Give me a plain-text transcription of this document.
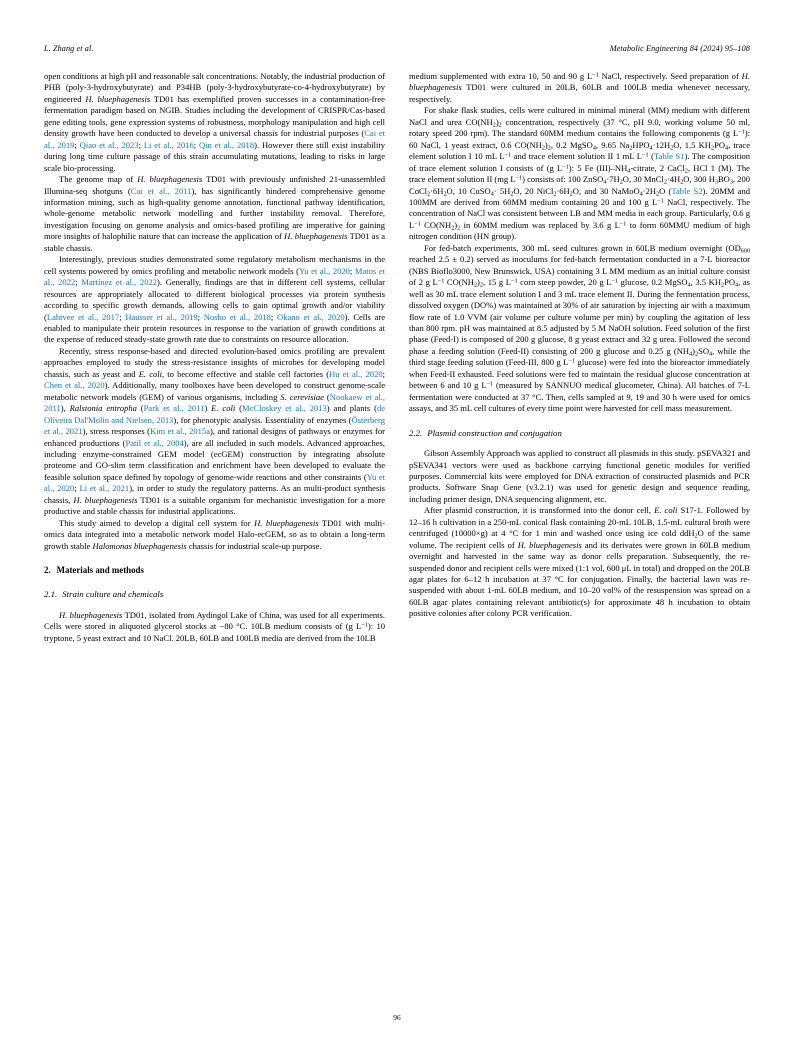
L. Zhang et al.	Metabolic Engineering 84 (2024) 95–108

open conditions at high pH and reasonable salt concentrations. Notably, the industrial production of PHB (poly-3-hydroxybutyrate) and P34HB (poly-3-hydroxybutyrate-co-4-hydroxybutyrate) by engineered H. bluephagenesis TD01 has exemplified proven successes in a contamination-free fermentation paradigm based on NGIB. Studies including the development of CRISPR/Cas-based gene editing tools, gene expression systems of robustness, morphology manipulation and high cell density growth have been conducted to develop a universal chassis for industrial purposes (Cai et al., 2019; Qiao et al., 2023; Li et al., 2016; Qin et al., 2018). However there still exist instability during long time culture passage of this strain accumulating mutations, leading to risks in large scale bio-processing.

The genome map of H. bluephagenesis TD01 with previously unfinished 21-unassembled Illumina-seq shotguns (Cai et al., 2011), has significantly hindered comprehensive genome information mining, such as high-quality genome annotation, functional pathway identification, whole-genome metabolic network modelling and further instability removal. Therefore, investigation focusing on genome analysis and omics-based profiling are imperative for gaining more insights of halophilic nature that can increase the application of H. bluephagenesis TD01 as a stable chassis.

Interestingly, previous studies demonstrated some regulatory metabolism mechanisms in the cell systems powered by omics profiling and metabolic network models (Yu et al., 2020; Matos et al., 2022; Martínez et al., 2022). Generally, findings are that in different cell systems, cellular resources are appropriately allocated to different biological processes via protein synthesis according to specific growth demands, allowing cells to gain optimal growth and/or viability (Lahtvee et al., 2017; Hausser et al., 2019; Nosho et al., 2018; Okano et al., 2020). Cells are enabled to manipulate their protein resources in response to the variation of growth conditions at the expense of reduced steady-state growth rate due to constraints on resource allocation.

Recently, stress response-based and directed evolution-based omics profiling are prevalent approaches employed to study the stress-resistance insights of microbes for developing model chassis, such as yeast and E. coli, to become effective and stable cell factories (Hu et al., 2020; Chen et al., 2020). Additionally, many toolboxes have been developed to construct genome-scale metabolic network models (GEM) of various organisms, including S. cerevisiae (Nookaew et al., 2011), Ralstonia entropha (Park et al., 2011) E. coli (McCloskey et al., 2013) and plants (de Oliveira Dal'Molin and Nielsen, 2013), for phenotypic analysis. Essentiality of enzymes (Österberg et al., 2021), stress responses (Kim et al., 2015a), and rational designs of pathways or enzymes for enhanced productions (Patil et al., 2004), are all included in such models. Advanced approaches, including enzyme-constrained GEM model (ecGEM) construction by integrating absolute proteome and GO-slim term classification and enrichment have been developed to evaluate the feasible solution space defined by topology of genome-wide reactions and other constraints (Yu et al., 2020; Li et al., 2021), in order to study the regulatory patterns. As an multi-product synthesis chassis, H. bluephagenesis TD01 is a suitable organism for mechanistic investigation for a more productive and stable chassis for industrial applications.

This study aimed to develop a digital cell system for H. bluephagenesis TD01 with multi-omics data integrated into a metabolic network model Halo-ecGEM, so as to obtain a long-term growth stable Halomonas bluephagenesis chassis for industrial scale-up purpose.

2. Materials and methods

2.1. Strain culture and chemicals

H. bluephagenesis TD01, isolated from Aydingol Lake of China, was used for all experiments. Cells were stored in aliquoted glycerol stocks at −80 °C. 10LB medium consists of (g $L^{-1}$): 10 tryptone, 5 yeast extract and 10 NaCl. 20LB, 60LB and 100LB media are derived from the 10LB

medium supplemented with extra 10, 50 and 90 g $L^{-1}$ NaCl, respectively. Seed preparation of H. bluephagenesis TD01 were cultured in 20LB, 60LB and 100LB media whenever necessary, respectively.

For shake flask studies, cells were cultured in minimal mineral (MM) medium with different NaCl and urea $CO(NH_2)_2$ concentration, respectively (37 °C, pH 9.0, working volume 50 ml, rotary speed 200 rpm). The standard 60MM medium contains the following components (g $L^{-1}$): 60 NaCl, 1 yeast extract, 0.6 $CO(NH_2)_2$, 0.2 MgSO$_4$, 9.65 $Na_2HPO_4\cdot 12H_2O$, 1.5 $KH_2PO_4$, trace element solution I 10 mL $L^{-1}$ and trace element solution II 1 mL $L^{-1}$ (Table S1). The composition of trace element solution I consists of (g $L^{-1}$): 5 Fe $(III)-NH_4$-citrate, 2 CaCl$_2$, HCl 1 (M). The trace element solution II (mg $L^{-1}$) consists of: 100 $ZnSO_4\cdot 7H_2O$, 30 $MnCl_2\cdot 4H_2O$, 300 $H_3BO_3$, 200 $CoCl_2\cdot 6H_2O$, 10 CuSO$_4$· $5H_2O$, 20 $NiCl_2\cdot 6H_2O$, and 30 $NaMoO_4\cdot 2H_2O$ (Table S2). 20MM and 100MM are derived from 60MM medium containing 20 and 100 g $L^{-1}$ NaCl, respectively. The concentration of NaCl was consistent between LB and MM media in each group. Particularly, 0.6 g $L^{-1}$ $CO(NH_2)_2$ in 60MM medium was replaced by 3.6 g $L^{-1}$ to form 60MMU medium of high nitrogen condition (HN group).

For fed-batch experiments, 300 mL seed cultures grown in 60LB medium overnight ($OD_{600}$ reached 2.5 ± 0.2) served as inoculums for fed-batch fermentation conducted in a 7-L bioreactor (NBS Bioflo3000, New Brunswick, USA) containing 3 L MM medium as an initial culture consist of 2 g $L^{-1}$ $CO(NH_2)_2$, 15 g $L^{-1}$ corn steep powder, 20 g $L^{-1}$ glucose, 0.2 MgSO$_4$, 3.5 $KH_2PO_4$, as well as 30 mL trace element solution I and 3 mL trace element II. During the fermentation process, dissolved oxygen (DO%) was maintained at 30% of air saturation by injecting air with a maximum flow rate of 1.0 VVM (air volume per culture volume per min) by coupling the agitation of less than 800 rpm. pH was maintained at 8.5 adjusted by 5 M NaOH solution. Feed solution of the first phase (Feed-I) is composed of 200 g glucose, 8 g yeast extract and 32 g urea. Followed the second phase a feeding solution (Feed-II) consisting of 200 g glucose and 0.25 g $(NH_4)_2SO_4$, while the third stage feeding solution (Feed-III, 800 g $L^{-1}$ glucose) were fed into the bioreactor immediately when Feed-II exhausted. Feed solutions were fed to maintain the residual glucose concentration at between 6 and 10 g $L^{-1}$ (measured by SANNUO medical glucometer, China). All batches of 7-L fermentation were conducted at 37 °C. Then, cells sampled at 9, 19 and 30 h were used for omics assays, and 35 mL cell cultures of every time point were harvested for cell mass measurement.

2.2. Plasmid construction and conjugation

Gibson Assembly Approach was applied to construct all plasmids in this study. pSEVA321 and pSEVA341 vectors were used as backbone carrying functional genetic modules for verified purposes. Commercial kits were employed for DNA extraction of constructed plasmids and PCR products. Software Snap Gene (v3.2.1) was used for genetic design and sequence reading, including primer design, DNA sequencing alignment, etc.

After plasmid construction, it is transformed into the donor cell, E. coli S17-1. Followed by 12–16 h cultivation in a 250-mL conical flask containing 20-mL 10LB, 1.5-mL cultural broth were centrifuged (10000×g) at 4 °C for 1 min and washed once using ice cold ddH$_2$O of the same volume. The recipient cells of H. bluephagenesis and its derivates were grown in 60LB medium overnight and harvested in the same way as donor cells preparation. Subsequently, the re-suspended donor and recipient cells were mixed (1:1 vol, 600 μL in total) and dropped on the 20LB agar plates for 6–12 h incubation at 37 °C for conjugation. Finally, the bacterial lawn was re-suspended with about 1-mL 60LB medium, and 10–20 vol% of the resuspension was spread on a 60LB agar plates containing relevant antibiotic(s) for approximate 48 h incubation to obtain positive colonies after colony PCR verification.

96
